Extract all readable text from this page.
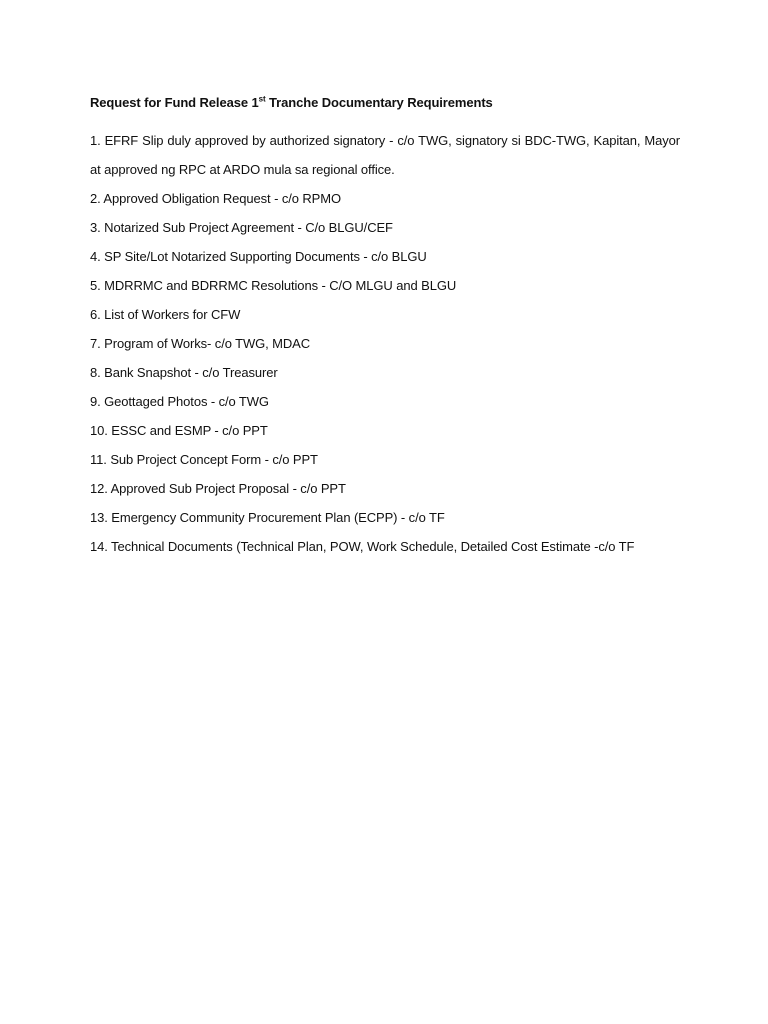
Request for Fund Release 1st Tranche Documentary Requirements
1. EFRF Slip duly approved by authorized signatory - c/o TWG, signatory si BDC-TWG, Kapitan, Mayor at approved ng RPC at ARDO mula sa regional office.
2. Approved Obligation Request - c/o RPMO
3. Notarized Sub Project Agreement - C/o BLGU/CEF
4. SP Site/Lot Notarized Supporting Documents - c/o BLGU
5. MDRRMC and BDRRMC Resolutions - C/O MLGU and BLGU
6. List of Workers for CFW
7. Program of Works- c/o TWG, MDAC
8. Bank Snapshot - c/o Treasurer
9. Geottaged Photos - c/o TWG
10. ESSC and ESMP - c/o PPT
11. Sub Project Concept Form - c/o PPT
12. Approved Sub Project Proposal - c/o PPT
13. Emergency Community Procurement Plan (ECPP) - c/o TF
14. Technical Documents (Technical Plan, POW, Work Schedule, Detailed Cost Estimate -c/o TF
